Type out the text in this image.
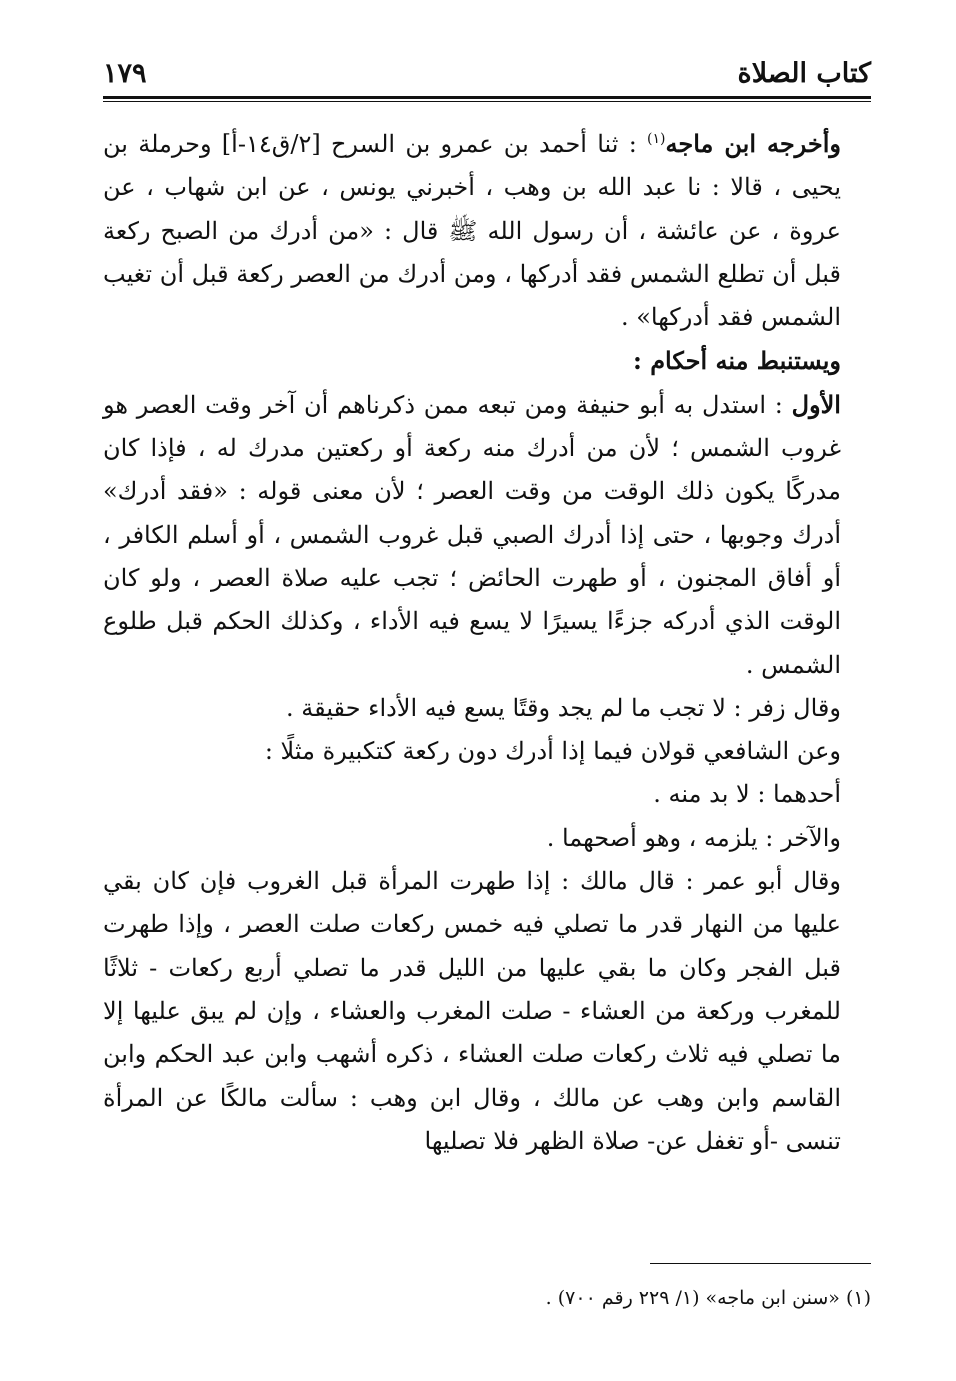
كتاب الصلاة
١٧٩

وأخرجه ابن ماجه$^{(١)}$ : ثنا أحمد بن عمرو بن السرح [٢/ق١٤-أ] وحرملة بن يحيى ، قالا : نا عبد الله بن وهب ، أخبرني يونس ، عن ابن شهاب ، عن عروة ، عن عائشة ، أن رسول الله ﷺ قال : «من أدرك من الصبح ركعة قبل أن تطلع الشمس فقد أدركها ، ومن أدرك من العصر ركعة قبل أن تغيب الشمس فقد أدركها» .

ويستنبط منه أحكام :

الأول : استدل به أبو حنيفة ومن تبعه ممن ذكرناهم أن آخر وقت العصر هو غروب الشمس ؛ لأن من أدرك منه ركعة أو ركعتين مدرك له ، فإذا كان مدركًا يكون ذلك الوقت من وقت العصر ؛ لأن معنى قوله : «فقد أدرك» أدرك وجوبها ، حتى إذا أدرك الصبي قبل غروب الشمس ، أو أسلم الكافر ، أو أفاق المجنون ، أو طهرت الحائض ؛ تجب عليه صلاة العصر ، ولو كان الوقت الذي أدركه جزءًا يسيرًا لا يسع فيه الأداء ، وكذلك الحكم قبل طلوع الشمس .

وقال زفر : لا تجب ما لم يجد وقتًا يسع فيه الأداء حقيقة .

وعن الشافعي قولان فيما إذا أدرك دون ركعة كتكبيرة مثلًا :

أحدهما : لا بد منه .

والآخر : يلزمه ، وهو أصحهما .

وقال أبو عمر : قال مالك : إذا طهرت المرأة قبل الغروب فإن كان بقي عليها من النهار قدر ما تصلي فيه خمس ركعات صلت العصر ، وإذا طهرت قبل الفجر وكان ما بقي عليها من الليل قدر ما تصلي أربع ركعات - ثلاثًا للمغرب وركعة من العشاء - صلت المغرب والعشاء ، وإن لم يبق عليها إلا ما تصلي فيه ثلاث ركعات صلت العشاء ، ذكره أشهب وابن عبد الحكم وابن القاسم وابن وهب عن مالك ، وقال ابن وهب : سألت مالكًا عن المرأة تنسى -أو تغفل عن- صلاة الظهر فلا تصليها

(١) «سنن ابن ماجه» (١/ ٢٢٩ رقم ٧٠٠) .
